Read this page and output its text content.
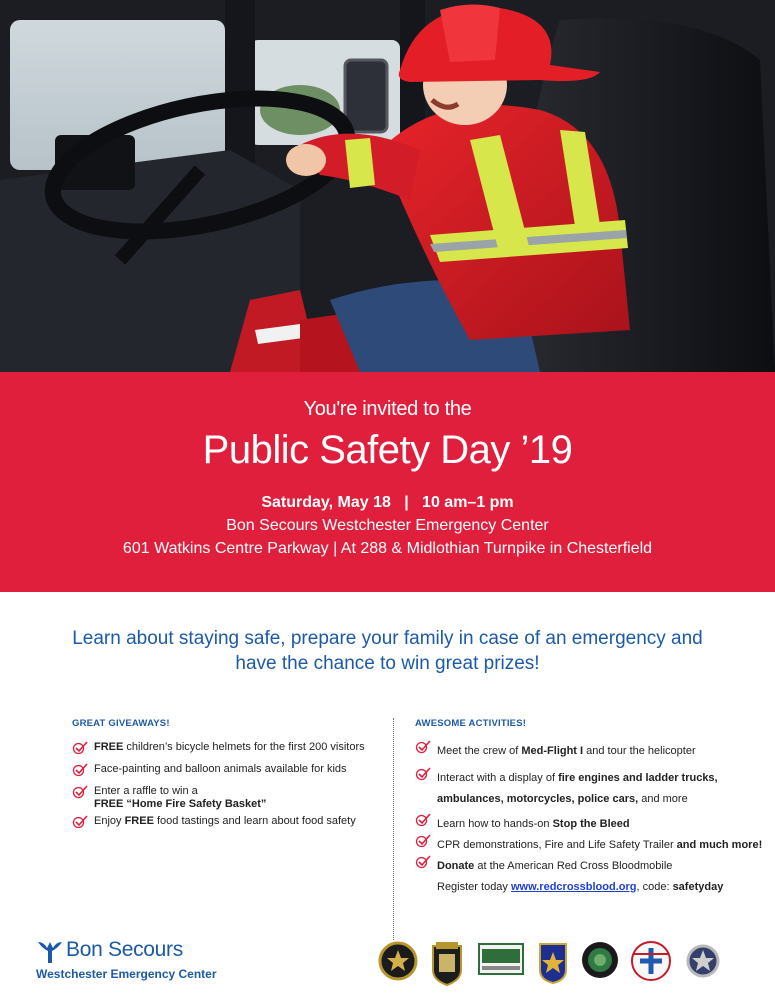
You're invited to the
Public Safety Day ’19
Saturday, May 18 | 10 am–1 pm
Bon Secours Westchester Emergency Center
601 Watkins Centre Parkway | At 288 & Midlothian Turnpike in Chesterfield
Learn about staying safe, prepare your family in case of an emergency and have the chance to win great prizes!
GREAT GIVEAWAYS!
FREE children’s bicycle helmets for the first 200 visitors
Face-painting and balloon animals available for kids
Enter a raffle to win a
FREE “Home Fire Safety Basket”
Enjoy FREE food tastings and learn about food safety
AWESOME ACTIVITIES!
Meet the crew of Med-Flight I and tour the helicopter
Interact with a display of fire engines and ladder trucks, ambulances, motorcycles, police cars, and more
Learn how to hands-on Stop the Bleed
CPR demonstrations, Fire and Life Safety Trailer and much more!
Donate at the American Red Cross Bloodmobile
Register today www.redcrossblood.org, code: safetyday
Bon Secours
Westchester Emergency Center
